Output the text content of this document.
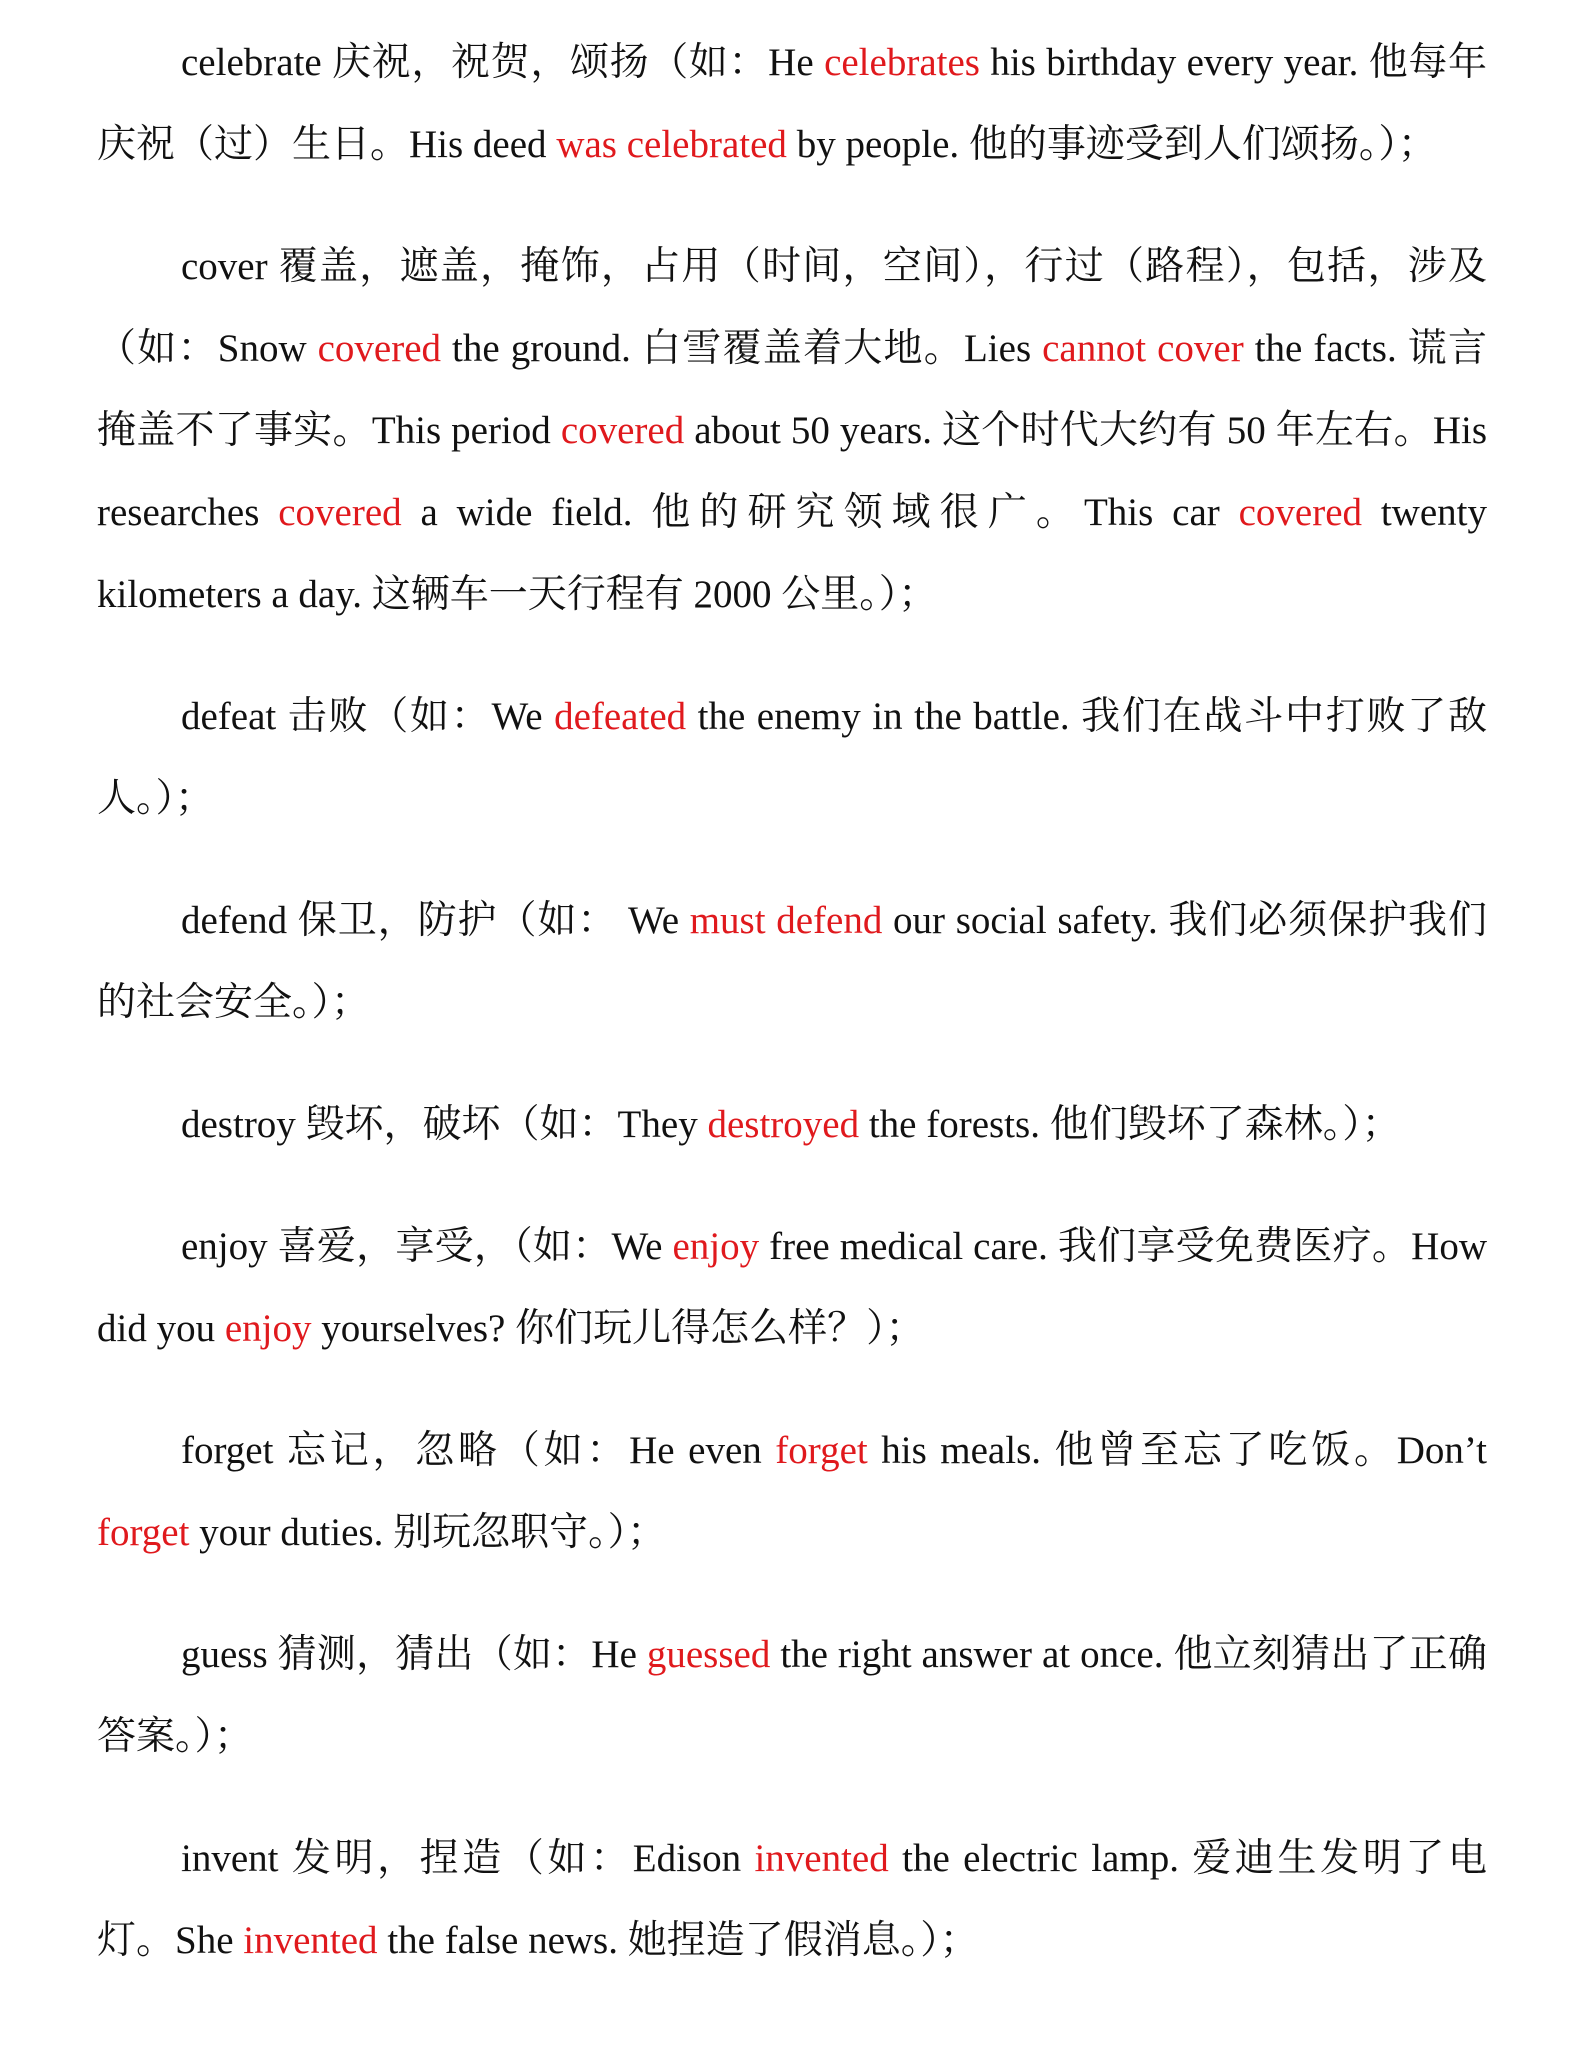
celebrate 庆祝，祝贺，颂扬（如：He celebrates his birthday every year. 他每年庆祝（过）生日。His deed was celebrated by people. 他的事迹受到人们颂扬。）；

cover 覆盖，遮盖，掩饰，占用（时间，空间），行过（路程），包括，涉及（如：Snow covered the ground. 白雪覆盖着大地。Lies cannot cover the facts. 谎言掩盖不了事实。This period covered about 50 years. 这个时代大约有 50 年左右。His researches covered a wide field. 他的研究领域很广。This car covered twenty kilometers a day. 这辆车一天行程有 2000 公里。）；

defeat 击败（如：We defeated the enemy in the battle. 我们在战斗中打败了敌人。）；

defend 保卫，防护（如： We must defend our social safety. 我们必须保护我们的社会安全。）；

destroy 毁坏，破坏（如：They destroyed the forests. 他们毁坏了森林。）；

enjoy 喜爱，享受，（如：We enjoy free medical care. 我们享受免费医疗。How did you enjoy yourselves? 你们玩儿得怎么样？）；

forget 忘记，忽略（如：He even forget his meals. 他曾至忘了吃饭。Don’t forget your duties. 别玩忽职守。）；

guess 猜测，猜出（如：He guessed the right answer at once. 他立刻猜出了正确答案。）；

invent 发明，捏造（如：Edison invented the electric lamp. 爱迪生发明了电灯。She invented the false news. 她捏造了假消息。）；
